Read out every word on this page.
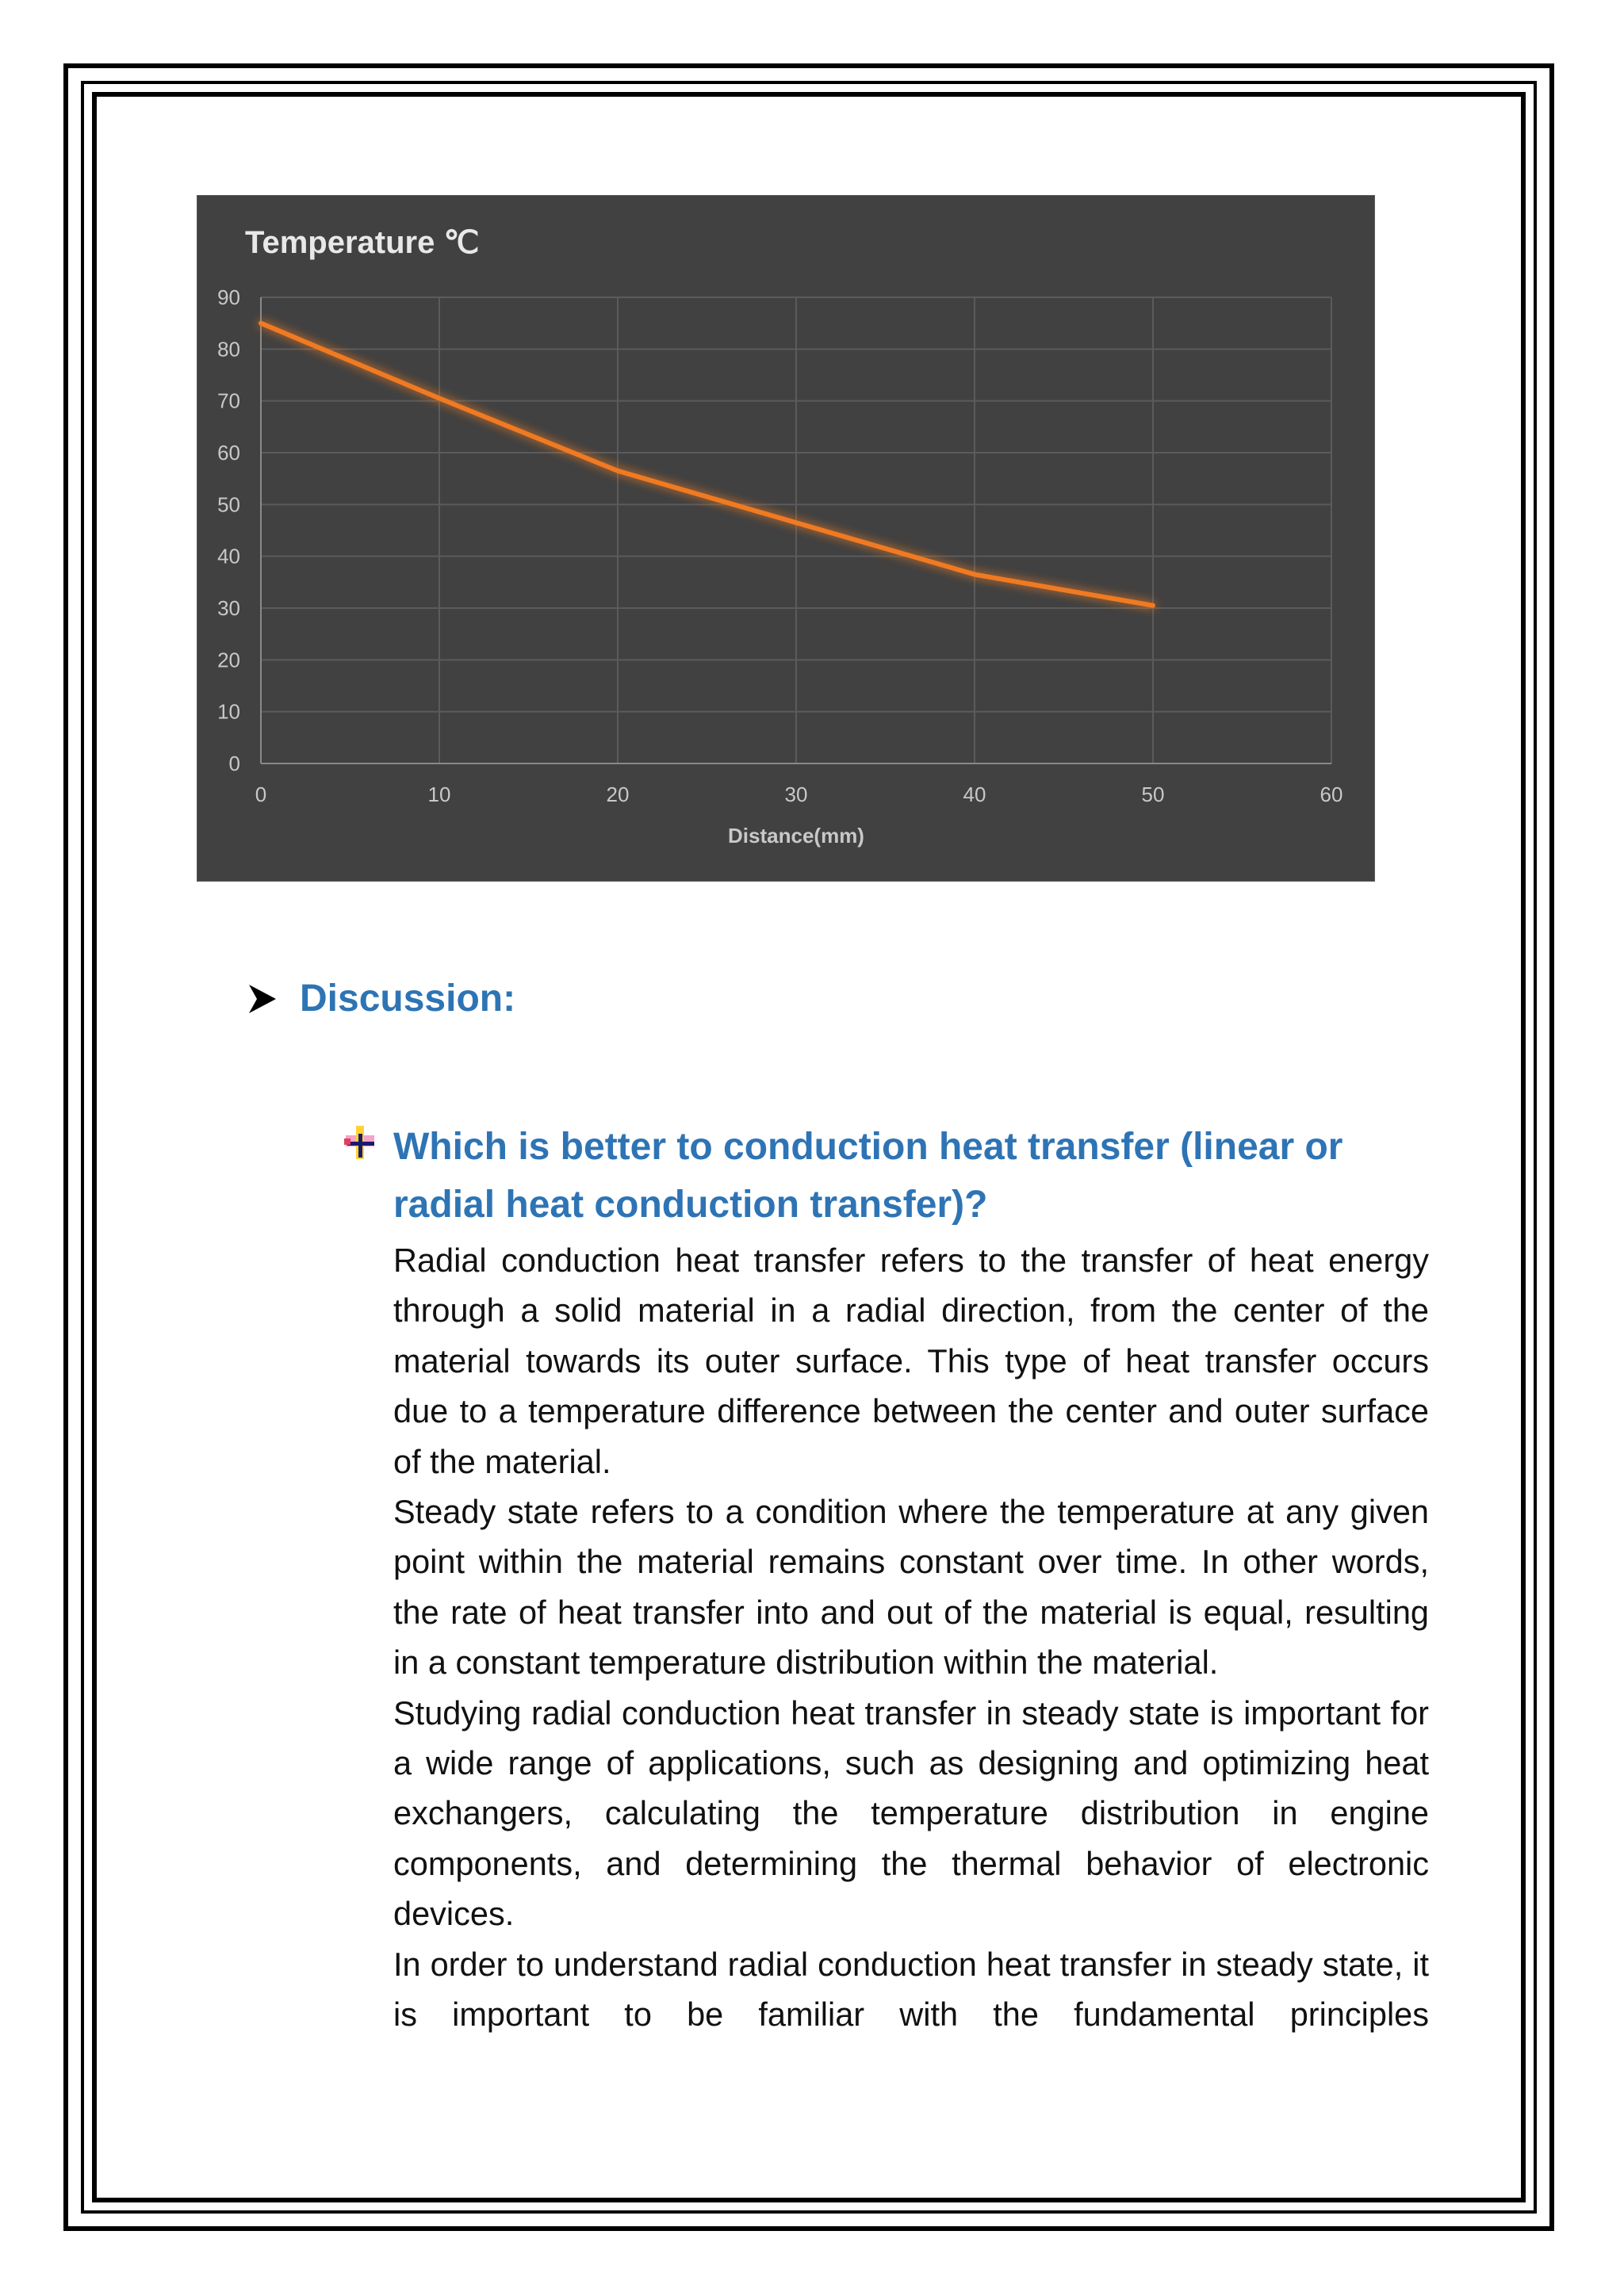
Temperature ℃
0
10
20
30
40
50
60
70
80
90
0	10	20	30	40	50	60
Distance(mm)
Discussion:
Which is better to conduction heat transfer (linear or radial heat conduction transfer)?

Radial conduction heat transfer refers to the transfer of heat energy through a solid material in a radial direction, from the center of the material towards its outer surface. This type of heat transfer occurs due to a temperature difference between the center and outer surface of the material.

Steady state refers to a condition where the temperature at any given point within the material remains constant over time. In other words, the rate of heat transfer into and out of the material is equal, resulting in a constant temperature distribution within the material.

Studying radial conduction heat transfer in steady state is important for a wide range of applications, such as designing and optimizing heat exchangers, calculating the temperature distribution in engine components, and determining the thermal behavior of electronic devices.

In order to understand radial conduction heat transfer in steady state, it is important to be familiar with the fundamental principles
